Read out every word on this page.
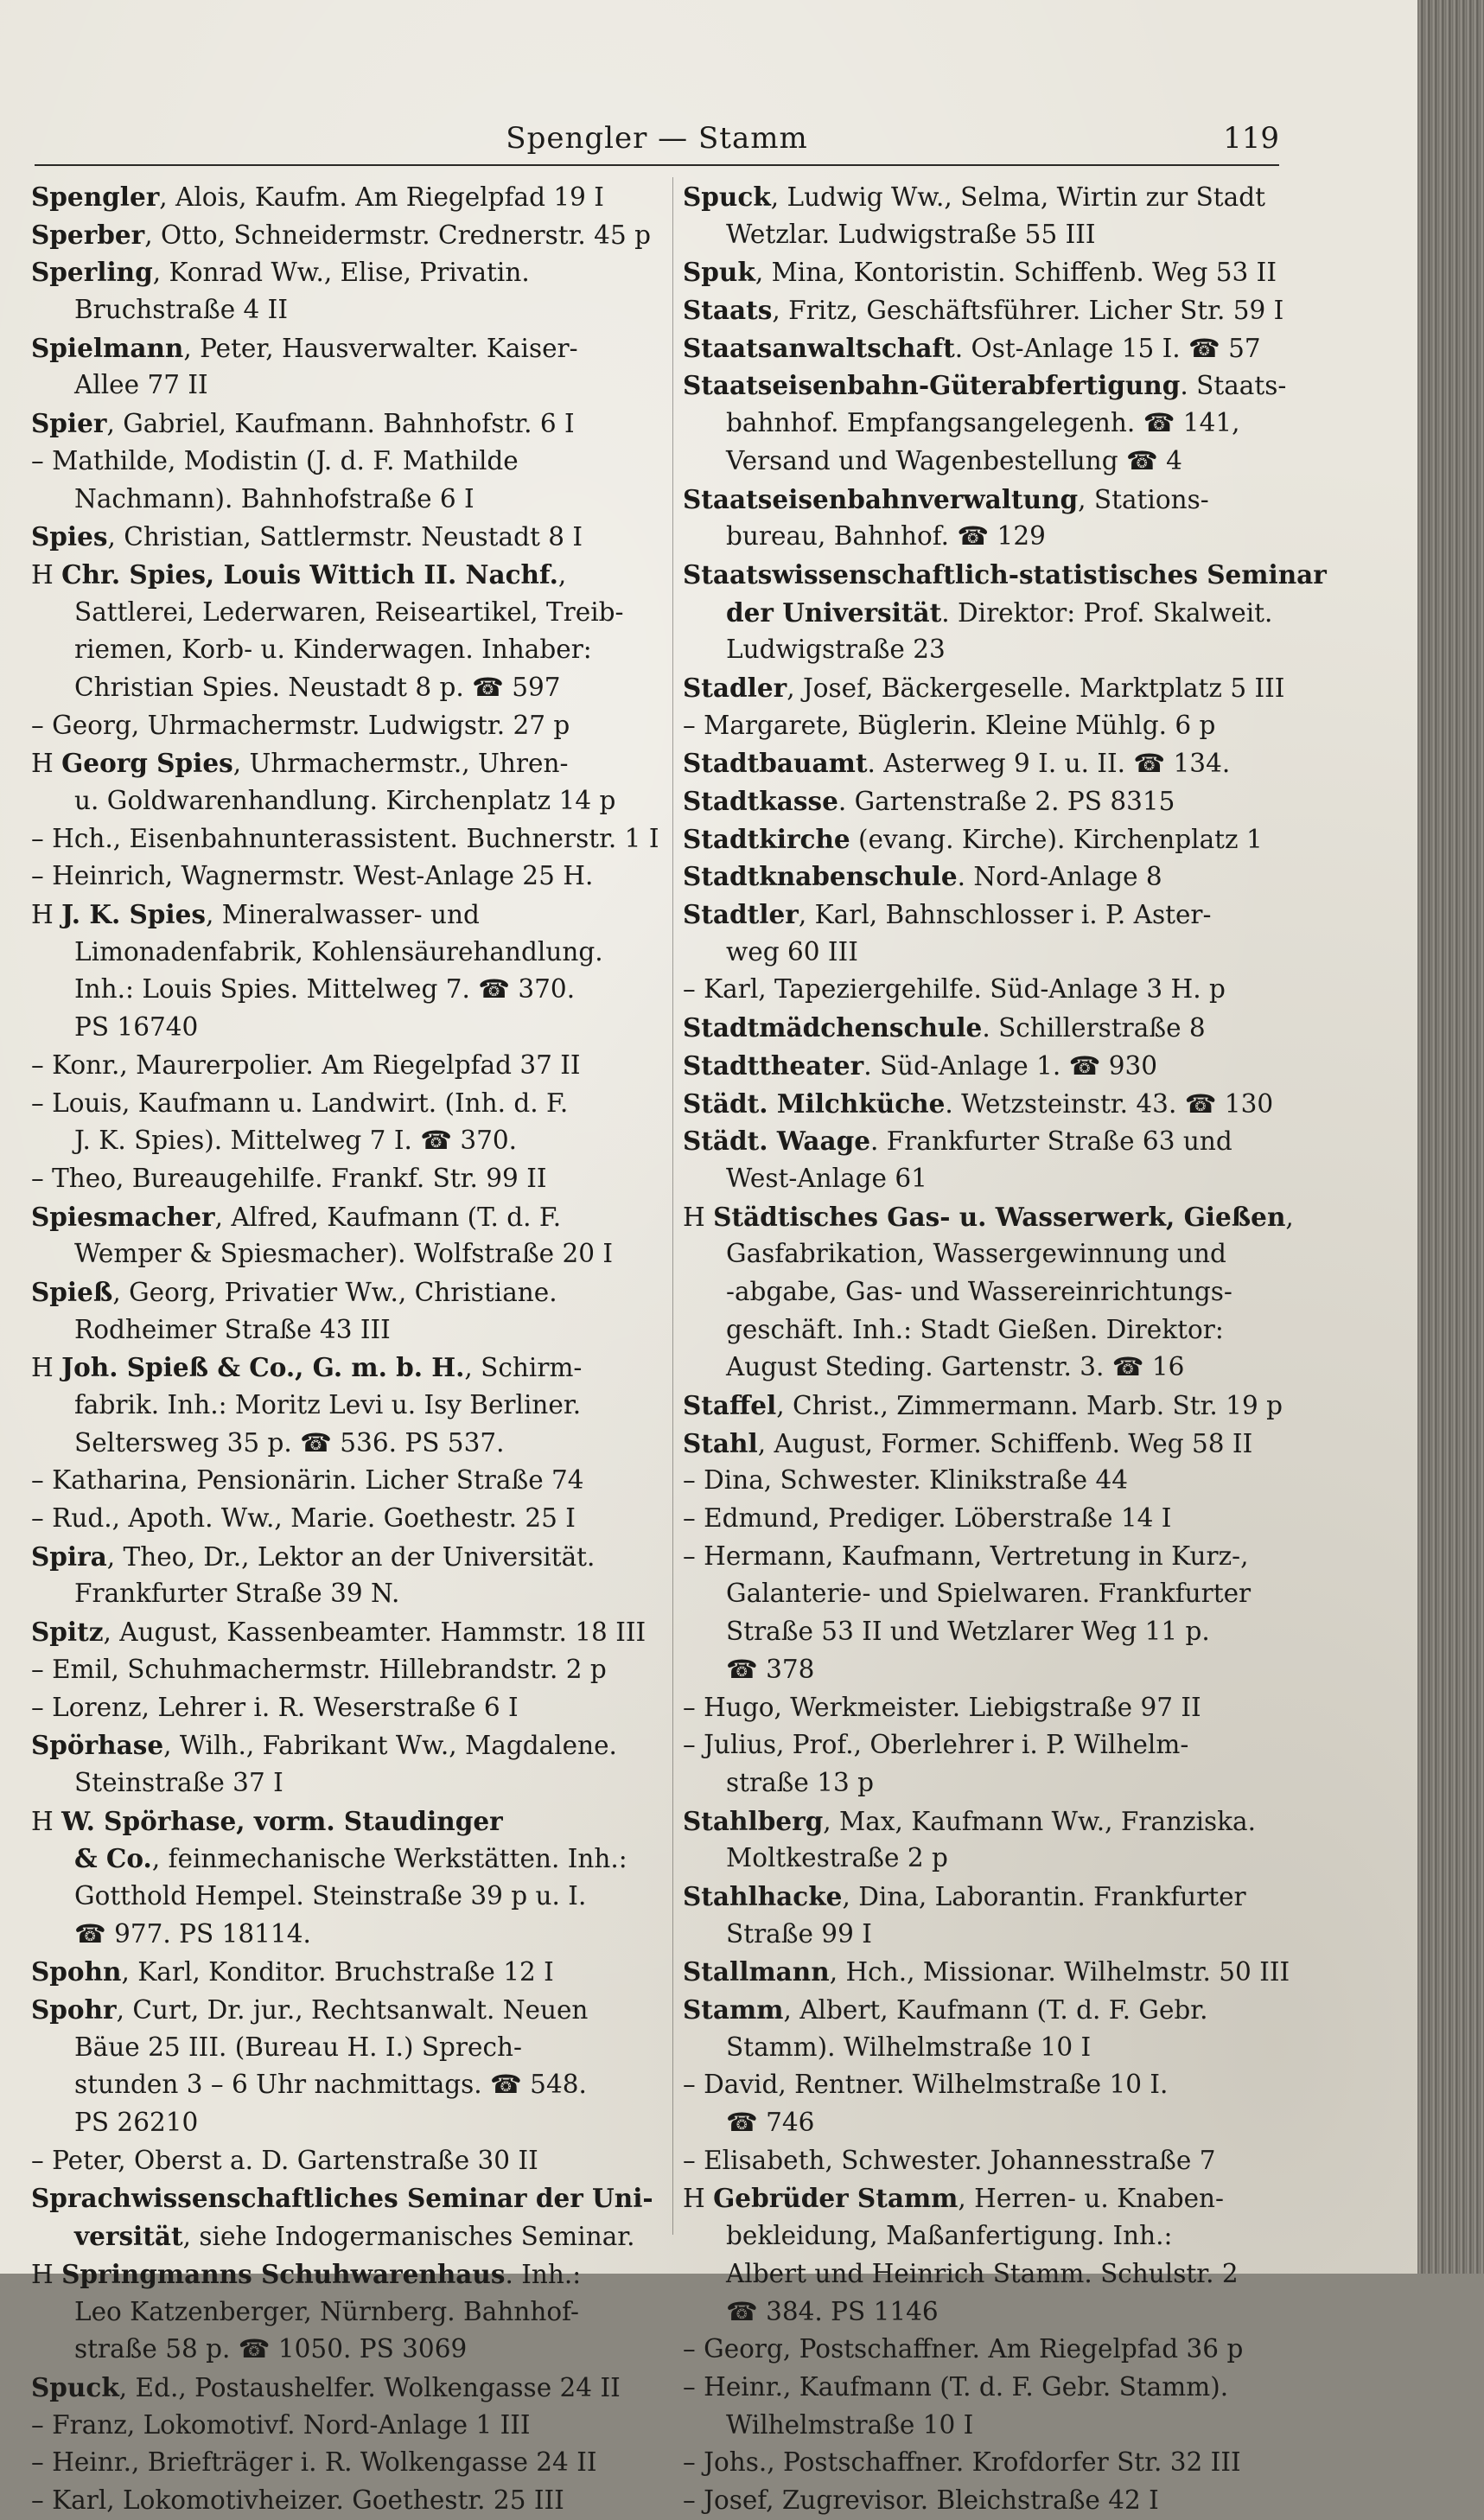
Spengler — Stamm	119
Spengler, Alois, Kaufm. Am Riegelpfad 19 I
Sperber, Otto, Schneidermstr. Crednerstr. 45 p
Sperling, Konrad Ww., Elise, Privatin.
Bruchstraße 4 II
Spielmann, Peter, Hausverwalter. Kaiser-
Allee 77 II
Spier, Gabriel, Kaufmann. Bahnhofstr. 6 I
– Mathilde, Modistin (J. d. F. Mathilde
Nachmann). Bahnhofstraße 6 I
Spies, Christian, Sattlermstr. Neustadt 8 I
H Chr. Spies, Louis Wittich II. Nachf.,
Sattlerei, Lederwaren, Reiseartikel, Treib-
riemen, Korb- u. Kinderwagen. Inhaber:
Christian Spies. Neustadt 8 p. ☎ 597
– Georg, Uhrmachermstr. Ludwigstr. 27 p
H Georg Spies, Uhrmachermstr., Uhren-
u. Goldwarenhandlung. Kirchenplatz 14 p
– Hch., Eisenbahnunterassistent. Buchnerstr. 1 I
– Heinrich, Wagnermstr. West-Anlage 25 H.
H J. K. Spies, Mineralwasser- und
Limonadenfabrik, Kohlensäurehandlung.
Inh.: Louis Spies. Mittelweg 7. ☎ 370.
PS 16740
– Konr., Maurerpolier. Am Riegelpfad 37 II
– Louis, Kaufmann u. Landwirt. (Inh. d. F.
J. K. Spies). Mittelweg 7 I. ☎ 370.
– Theo, Bureaugehilfe. Frankf. Str. 99 II
Spiesmacher, Alfred, Kaufmann (T. d. F.
Wemper & Spiesmacher). Wolfstraße 20 I
Spieß, Georg, Privatier Ww., Christiane.
Rodheimer Straße 43 III
H Joh. Spieß & Co., G. m. b. H., Schirm-
fabrik. Inh.: Moritz Levi u. Isy Berliner.
Seltersweg 35 p. ☎ 536. PS 537.
– Katharina, Pensionärin. Licher Straße 74
– Rud., Apoth. Ww., Marie. Goethestr. 25 I
Spira, Theo, Dr., Lektor an der Universität.
Frankfurter Straße 39 N.
Spitz, August, Kassenbeamter. Hammstr. 18 III
– Emil, Schuhmachermstr. Hillebrandstr. 2 p
– Lorenz, Lehrer i. R. Weserstraße 6 I
Spörhase, Wilh., Fabrikant Ww., Magdalene.
Steinstraße 37 I
H W. Spörhase, vorm. Staudinger
& Co., feinmechanische Werkstätten. Inh.:
Gotthold Hempel. Steinstraße 39 p u. I.
☎ 977. PS 18114.
Spohn, Karl, Konditor. Bruchstraße 12 I
Spohr, Curt, Dr. jur., Rechtsanwalt. Neuen
Bäue 25 III. (Bureau H. I.) Sprech-
stunden 3 – 6 Uhr nachmittags. ☎ 548.
PS 26210
– Peter, Oberst a. D. Gartenstraße 30 II
Sprachwissenschaftliches Seminar der Uni-
versität, siehe Indogermanisches Seminar.
H Springmanns Schuhwarenhaus. Inh.:
Leo Katzenberger, Nürnberg. Bahnhof-
straße 58 p. ☎ 1050. PS 3069
Spuck, Ed., Postaushelfer. Wolkengasse 24 II
– Franz, Lokomotivf. Nord-Anlage 1 III
– Heinr., Briefträger i. R. Wolkengasse 24 II
– Karl, Lokomotivheizer. Goethestr. 25 III
Spuck, Ludwig Ww., Selma, Wirtin zur Stadt
Wetzlar. Ludwigstraße 55 III
Spuk, Mina, Kontoristin. Schiffenb. Weg 53 II
Staats, Fritz, Geschäftsführer. Licher Str. 59 I
Staatsanwaltschaft. Ost-Anlage 15 I. ☎ 57
Staatseisenbahn-Güterabfertigung. Staats-
bahnhof. Empfangsangelegenh. ☎ 141,
Versand und Wagenbestellung ☎ 4
Staatseisenbahnverwaltung, Stations-
bureau, Bahnhof. ☎ 129
Staatswissenschaftlich-statistisches Seminar
der Universität. Direktor: Prof. Skalweit.
Ludwigstraße 23
Stadler, Josef, Bäckergeselle. Marktplatz 5 III
– Margarete, Büglerin. Kleine Mühlg. 6 p
Stadtbauamt. Asterweg 9 I. u. II. ☎ 134.
Stadtkasse. Gartenstraße 2. PS 8315
Stadtkirche (evang. Kirche). Kirchenplatz 1
Stadtknabenschule. Nord-Anlage 8
Stadtler, Karl, Bahnschlosser i. P. Aster-
weg 60 III
– Karl, Tapeziergehilfe. Süd-Anlage 3 H. p
Stadtmädchenschule. Schillerstraße 8
Stadttheater. Süd-Anlage 1. ☎ 930
Städt. Milchküche. Wetzsteinstr. 43. ☎ 130
Städt. Waage. Frankfurter Straße 63 und
West-Anlage 61
H Städtisches Gas- u. Wasserwerk, Gießen,
Gasfabrikation, Wassergewinnung und
-abgabe, Gas- und Wassereinrichtungs-
geschäft. Inh.: Stadt Gießen. Direktor:
August Steding. Gartenstr. 3. ☎ 16
Staffel, Christ., Zimmermann. Marb. Str. 19 p
Stahl, August, Former. Schiffenb. Weg 58 II
– Dina, Schwester. Klinikstraße 44
– Edmund, Prediger. Löberstraße 14 I
– Hermann, Kaufmann, Vertretung in Kurz-,
Galanterie- und Spielwaren. Frankfurter
Straße 53 II und Wetzlarer Weg 11 p.
☎ 378
– Hugo, Werkmeister. Liebigstraße 97 II
– Julius, Prof., Oberlehrer i. P. Wilhelm-
straße 13 p
Stahlberg, Max, Kaufmann Ww., Franziska.
Moltkestraße 2 p
Stahlhacke, Dina, Laborantin. Frankfurter
Straße 99 I
Stallmann, Hch., Missionar. Wilhelmstr. 50 III
Stamm, Albert, Kaufmann (T. d. F. Gebr.
Stamm). Wilhelmstraße 10 I
– David, Rentner. Wilhelmstraße 10 I.
☎ 746
– Elisabeth, Schwester. Johannesstraße 7
H Gebrüder Stamm, Herren- u. Knaben-
bekleidung, Maßanfertigung. Inh.:
Albert und Heinrich Stamm. Schulstr. 2
☎ 384. PS 1146
– Georg, Postschaffner. Am Riegelpfad 36 p
– Heinr., Kaufmann (T. d. F. Gebr. Stamm).
Wilhelmstraße 10 I
– Johs., Postschaffner. Krofdorfer Str. 32 III
– Josef, Zugrevisor. Bleichstraße 42 I
